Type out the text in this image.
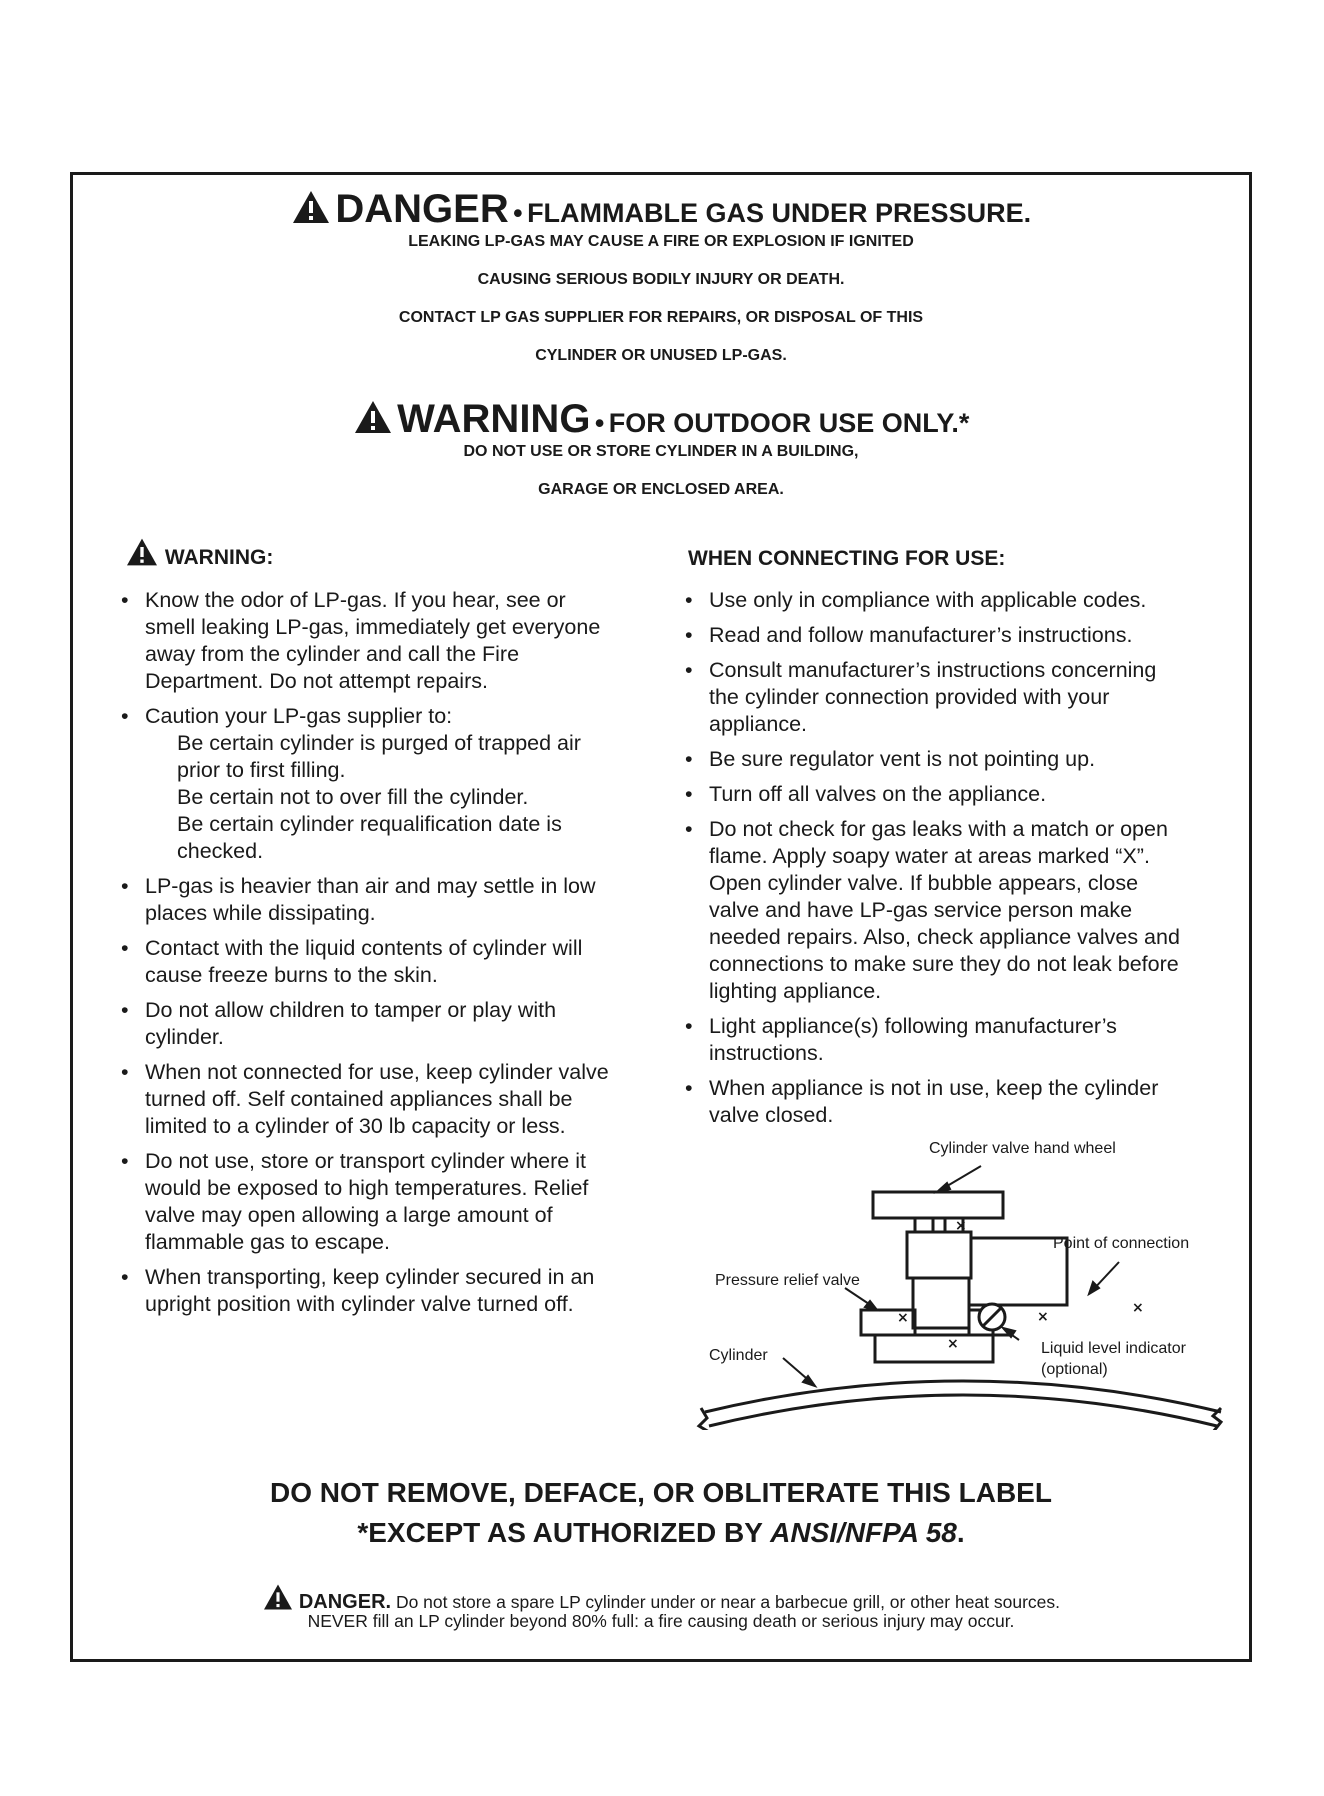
DANGER • FLAMMABLE GAS UNDER PRESSURE.
LEAKING LP-GAS MAY CAUSE A FIRE OR EXPLOSION IF IGNITED
CAUSING SERIOUS BODILY INJURY OR DEATH.
CONTACT LP GAS SUPPLIER FOR REPAIRS, OR DISPOSAL OF THIS
CYLINDER OR UNUSED LP-GAS.
WARNING • FOR OUTDOOR USE ONLY.*
DO NOT USE OR STORE CYLINDER IN A BUILDING,
GARAGE OR ENCLOSED AREA.
WARNING:
• Know the odor of LP-gas. If you hear, see or smell leaking LP-gas, immediately get everyone away from the cylinder and call the Fire Department. Do not attempt repairs.
• Caution your LP-gas supplier to:
Be certain cylinder is purged of trapped air prior to first filling.
Be certain not to over fill the cylinder.
Be certain cylinder requalification date is checked.
• LP-gas is heavier than air and may settle in low places while dissipating.
• Contact with the liquid contents of cylinder will cause freeze burns to the skin.
• Do not allow children to tamper or play with cylinder.
• When not connected for use, keep cylinder valve turned off. Self contained appliances shall be limited to a cylinder of 30 lb capacity or less.
• Do not use, store or transport cylinder where it would be exposed to high temperatures. Relief valve may open allowing a large amount of flammable gas to escape.
• When transporting, keep cylinder secured in an upright position with cylinder valve turned off.
WHEN CONNECTING FOR USE:
• Use only in compliance with applicable codes.
• Read and follow manufacturer’s instructions.
• Consult manufacturer’s instructions concerning the cylinder connection provided with your appliance.
• Be sure regulator vent is not pointing up.
• Turn off all valves on the appliance.
• Do not check for gas leaks with a match or open flame. Apply soapy water at areas marked “X”. Open cylinder valve. If bubble appears, close valve and have LP-gas service person make needed repairs. Also, check appliance valves and connections to make sure they do not leak before lighting appliance.
• Light appliance(s) following manufacturer’s instructions.
• When appliance is not in use, keep the cylinder valve closed.
×
×
×	×
×
Cylinder valve hand wheel
Point of connection
Pressure relief valve
Cylinder	Liquid level indicator
(optional)
DO NOT REMOVE, DEFACE, OR OBLITERATE THIS LABEL
*EXCEPT AS AUTHORIZED BY ANSI/NFPA 58.
DANGER. Do not store a spare LP cylinder under or near a barbecue grill, or other heat sources.
NEVER fill an LP cylinder beyond 80% full: a fire causing death or serious injury may occur.
